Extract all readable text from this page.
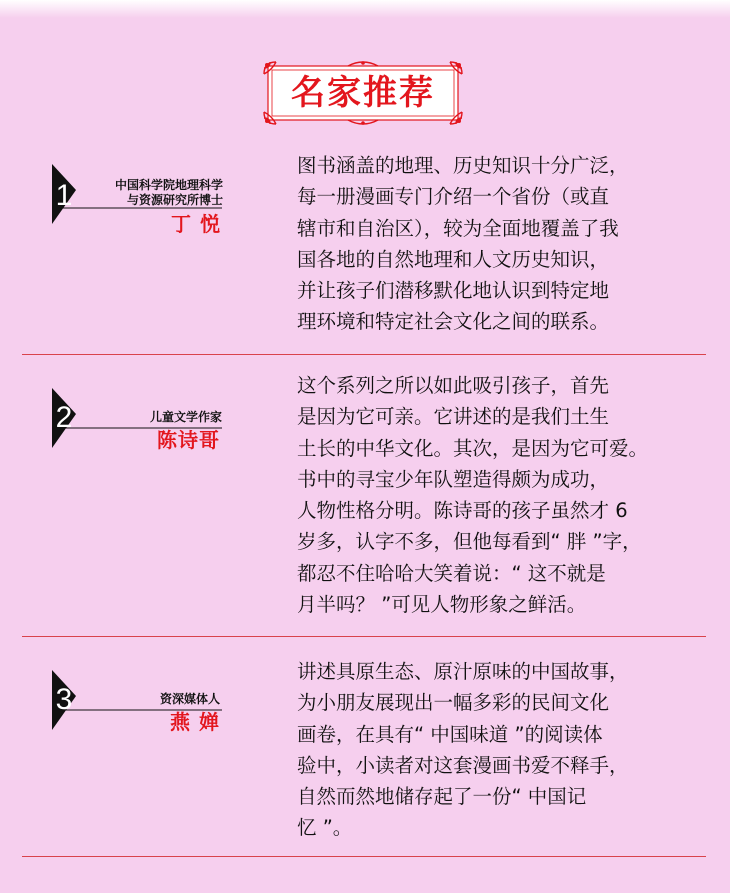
名家推荐
1	中国科学院地理科学
与资源研究所博士
丁 悦

图书涵盖的地理、历史知识十分广泛，
每一册漫画专门介绍一个省份（或直
辖市和自治区），较为全面地覆盖了我
国各地的自然地理和人文历史知识，
并让孩子们潜移默化地认识到特定地
理环境和特定社会文化之间的联系。

2	儿童文学作家
陈诗哥

这个系列之所以如此吸引孩子，首先
是因为它可亲。它讲述的是我们土生
土长的中华文化。其次，是因为它可爱。
书中的寻宝少年队塑造得颇为成功，
人物性格分明。陈诗哥的孩子虽然才 6
岁多，认字不多，但他每看到“ 胖 ”字，
都忍不住哈哈大笑着说：“ 这不就是
月半吗？ ”可见人物形象之鲜活。

3	资深媒体人
燕 婵

讲述具原生态、原汁原味的中国故事，
为小朋友展现出一幅多彩的民间文化
画卷，在具有“ 中国味道 ”的阅读体
验中，小读者对这套漫画书爱不释手，
自然而然地储存起了一份“ 中国记
忆 ”。
